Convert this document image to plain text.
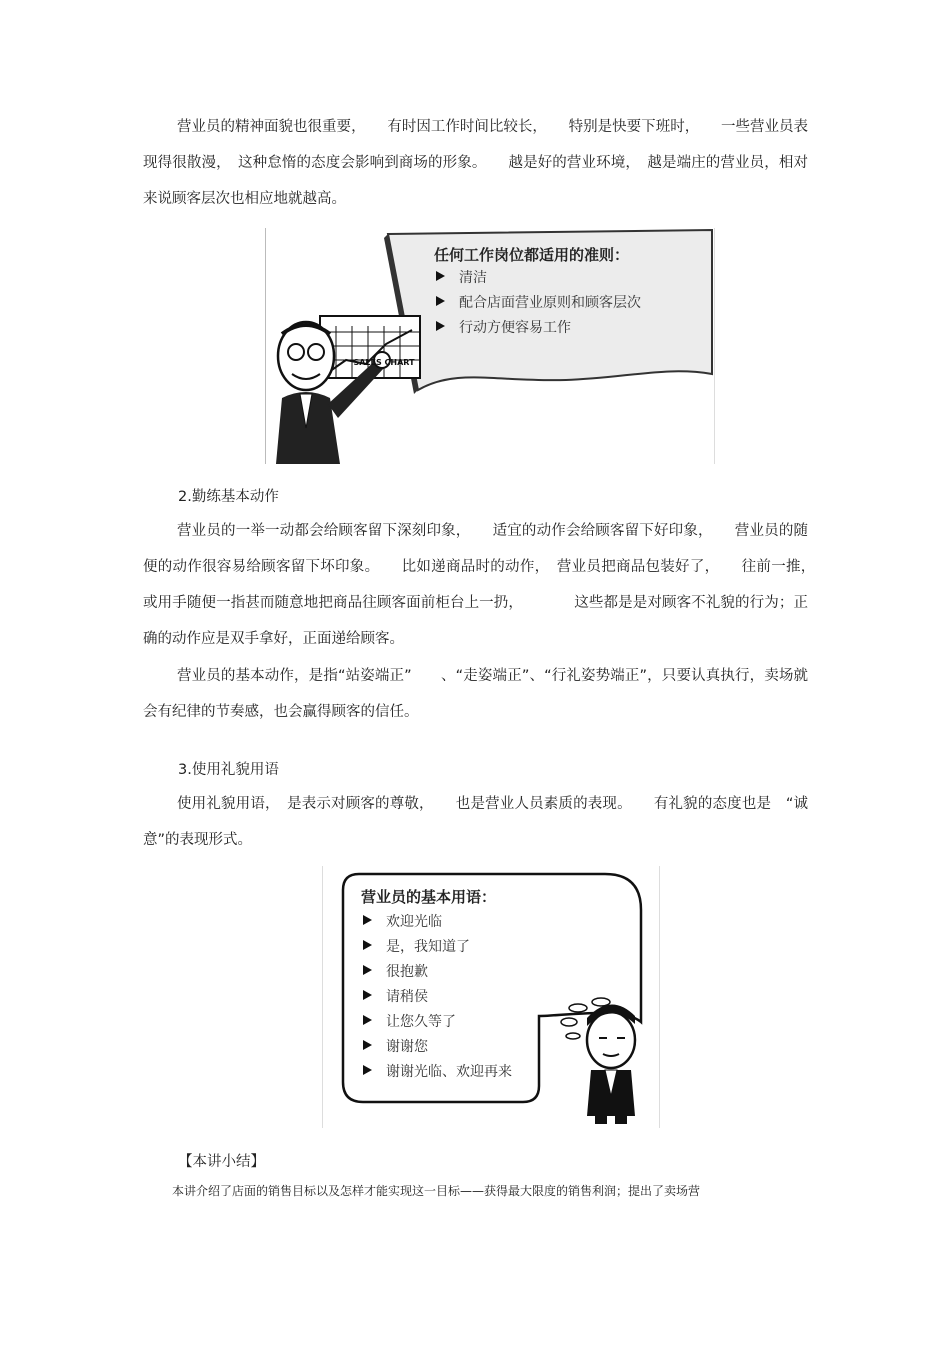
营业员的精神面貌也很重要，　　有时因工作时间比较长，　　特别是快要下班时，　　一些营业员表现得很散漫，　这种怠惰的态度会影响到商场的形象。　　越是好的营业环境，　越是端庄的营业员，相对来说顾客层次也相应地就越高。

SALES CHART

任何工作岗位都适用的准则：

清洁
配合店面营业原则和顾客层次
行动方便容易工作

2.勤练基本动作

营业员的一举一动都会给顾客留下深刻印象，　　适宜的动作会给顾客留下好印象，　　营业员的随便的动作很容易给顾客留下坏印象。　　比如递商品时的动作，　营业员把商品包装好了，　　往前一推，　或用手随便一指甚而随意地把商品往顾客面前柜台上一扔，　　　　这些都是是对顾客不礼貌的行为；正确的动作应是双手拿好，正面递给顾客。

营业员的基本动作，是指“站姿端正”　　、“走姿端正”、“行礼姿势端正”，只要认真执行，卖场就会有纪律的节奏感，也会赢得顾客的信任。

3.使用礼貌用语

使用礼貌用语，　是表示对顾客的尊敬，　　也是营业人员素质的表现。　　有礼貌的态度也是　“诚意”的表现形式。

营业员的基本用语：

欢迎光临
是，我知道了
很抱歉
请稍侯
让您久等了
谢谢您
谢谢光临、欢迎再来

【本讲小结】

本讲介绍了店面的销售目标以及怎样才能实现这一目标——获得最大限度的销售利润；提出了卖场营
